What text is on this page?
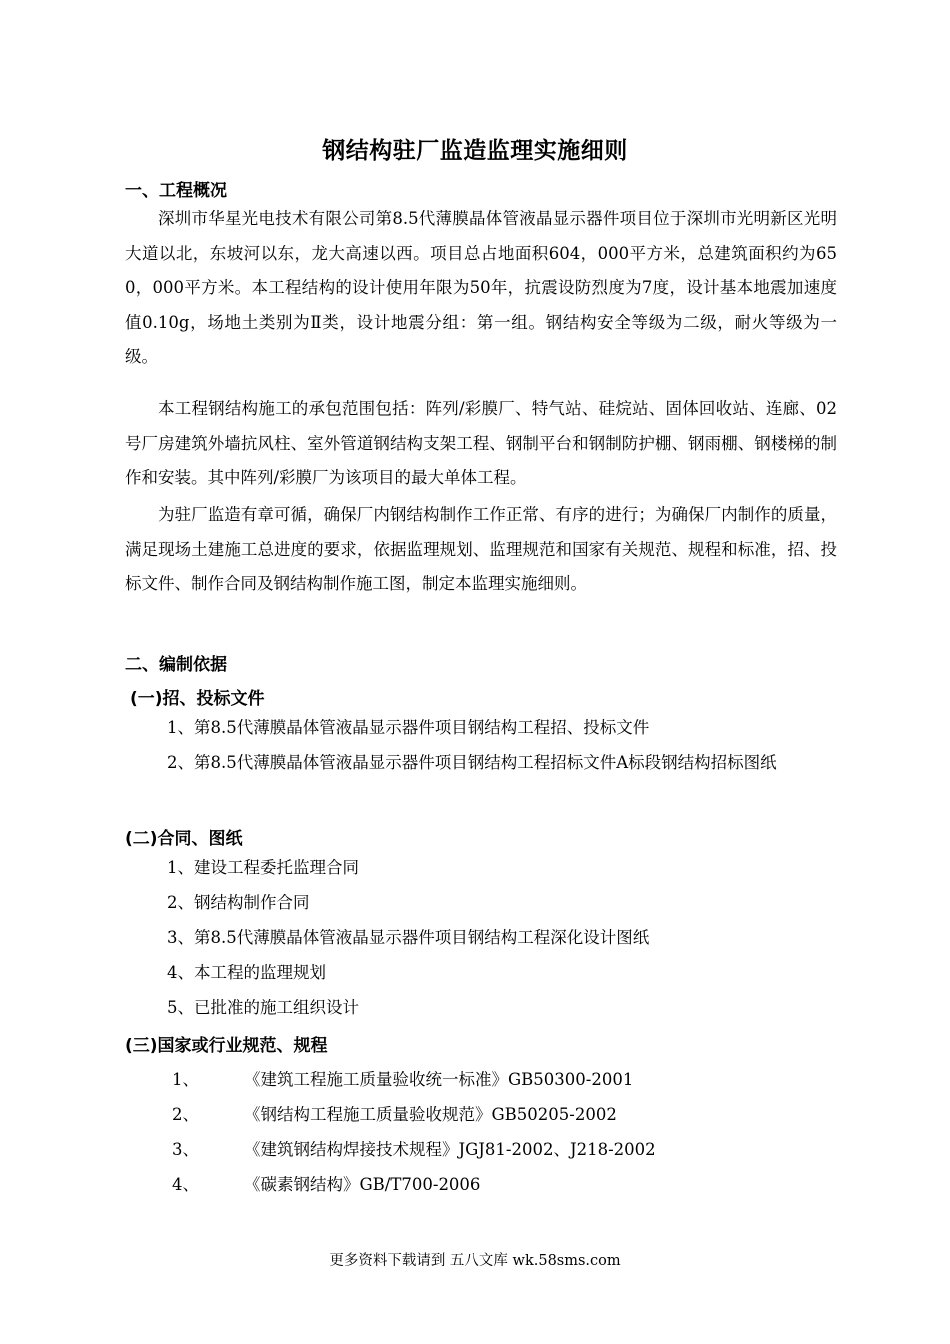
钢结构驻厂监造监理实施细则
一、工程概况

深圳市华星光电技术有限公司第8.5代薄膜晶体管液晶显示器件项目位于深圳市光明新区光明大道以北，东坡河以东，龙大高速以西。项目总占地面积604，000平方米，总建筑面积约为650，000平方米。本工程结构的设计使用年限为50年，抗震设防烈度为7度，设计基本地震加速度值0.10g，场地土类别为Ⅱ类，设计地震分组：第一组。钢结构安全等级为二级，耐火等级为一级。

本工程钢结构施工的承包范围包括：阵列/彩膜厂、特气站、硅烷站、固体回收站、连廊、02号厂房建筑外墙抗风柱、室外管道钢结构支架工程、钢制平台和钢制防护棚、钢雨棚、钢楼梯的制作和安装。其中阵列/彩膜厂为该项目的最大单体工程。

为驻厂监造有章可循，确保厂内钢结构制作工作正常、有序的进行；为确保厂内制作的质量，满足现场土建施工总进度的要求，依据监理规划、监理规范和国家有关规范、规程和标准，招、投标文件、制作合同及钢结构制作施工图，制定本监理实施细则。

二、编制依据
(一)招、投标文件

1、第8.5代薄膜晶体管液晶显示器件项目钢结构工程招、投标文件

2、第8.5代薄膜晶体管液晶显示器件项目钢结构工程招标文件A标段钢结构招标图纸

(二)合同、图纸

1、建设工程委托监理合同

2、钢结构制作合同

3、第8.5代薄膜晶体管液晶显示器件项目钢结构工程深化设计图纸

4、本工程的监理规划

5、已批准的施工组织设计

(三)国家或行业规范、规程
1、	《建筑工程施工质量验收统一标准》GB50300-2001
2、	《钢结构工程施工质量验收规范》GB50205-2002
3、	《建筑钢结构焊接技术规程》JGJ81-2002、J218-2002
4、	《碳素钢结构》GB/T700-2006
更多资料下载请到 五八文库 wk.58sms.com
